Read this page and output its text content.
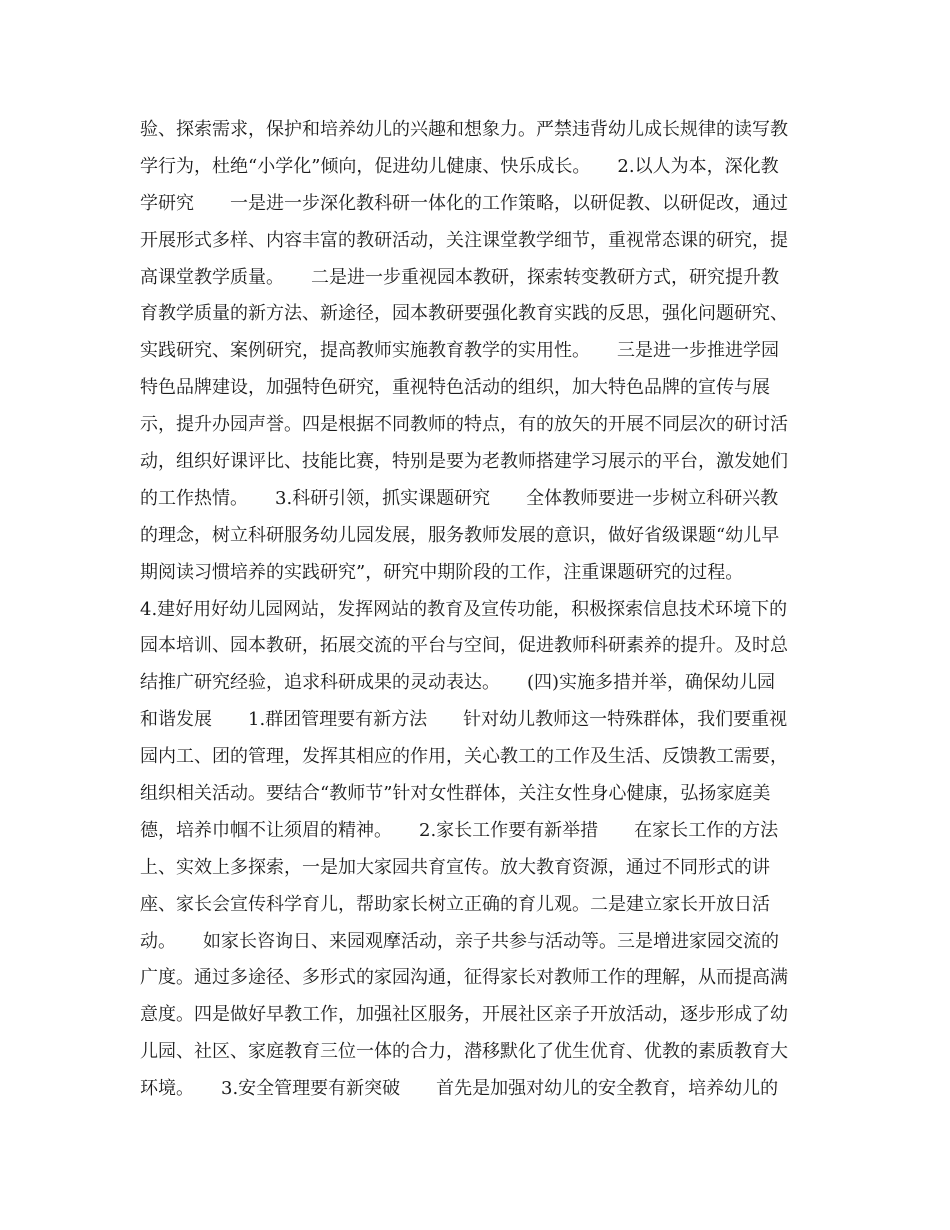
验、探索需求，保护和培养幼儿的兴趣和想象力。严禁违背幼儿成长规律的读写教
学行为，杜绝“小学化”倾向，促进幼儿健康、快乐成长。　　2.以人为本，深化教
学研究　　一是进一步深化教科研一体化的工作策略，以研促教、以研促改，通过
开展形式多样、内容丰富的教研活动，关注课堂教学细节，重视常态课的研究，提
高课堂教学质量。　　二是进一步重视园本教研，探索转变教研方式，研究提升教
育教学质量的新方法、新途径，园本教研要强化教育实践的反思，强化问题研究、
实践研究、案例研究，提高教师实施教育教学的实用性。　　三是进一步推进学园
特色品牌建设，加强特色研究，重视特色活动的组织，加大特色品牌的宣传与展
示，提升办园声誉。四是根据不同教师的特点，有的放矢的开展不同层次的研讨活
动，组织好课评比、技能比赛，特别是要为老教师搭建学习展示的平台，激发她们
的工作热情。　　3.科研引领，抓实课题研究　　全体教师要进一步树立科研兴教
的理念，树立科研服务幼儿园发展，服务教师发展的意识，做好省级课题“幼儿早
期阅读习惯培养的实践研究”，研究中期阶段的工作，注重课题研究的过程。
4.建好用好幼儿园网站，发挥网站的教育及宣传功能，积极探索信息技术环境下的
园本培训、园本教研，拓展交流的平台与空间，促进教师科研素养的提升。及时总
结推广研究经验，追求科研成果的灵动表达。　　(四)实施多措并举，确保幼儿园
和谐发展　　1.群团管理要有新方法　　针对幼儿教师这一特殊群体，我们要重视
园内工、团的管理，发挥其相应的作用，关心教工的工作及生活、反馈教工需要，
组织相关活动。要结合“教师节”针对女性群体，关注女性身心健康，弘扬家庭美
德，培养巾帼不让须眉的精神。　　2.家长工作要有新举措　　在家长工作的方法
上、实效上多探索，一是加大家园共育宣传。放大教育资源，通过不同形式的讲
座、家长会宣传科学育儿，帮助家长树立正确的育儿观。二是建立家长开放日活
动。　　如家长咨询日、来园观摩活动，亲子共参与活动等。三是增进家园交流的
广度。通过多途径、多形式的家园沟通，征得家长对教师工作的理解，从而提高满
意度。四是做好早教工作，加强社区服务，开展社区亲子开放活动，逐步形成了幼
儿园、社区、家庭教育三位一体的合力，潜移默化了优生优育、优教的素质教育大
环境。　　3.安全管理要有新突破　　首先是加强对幼儿的安全教育，培养幼儿的
